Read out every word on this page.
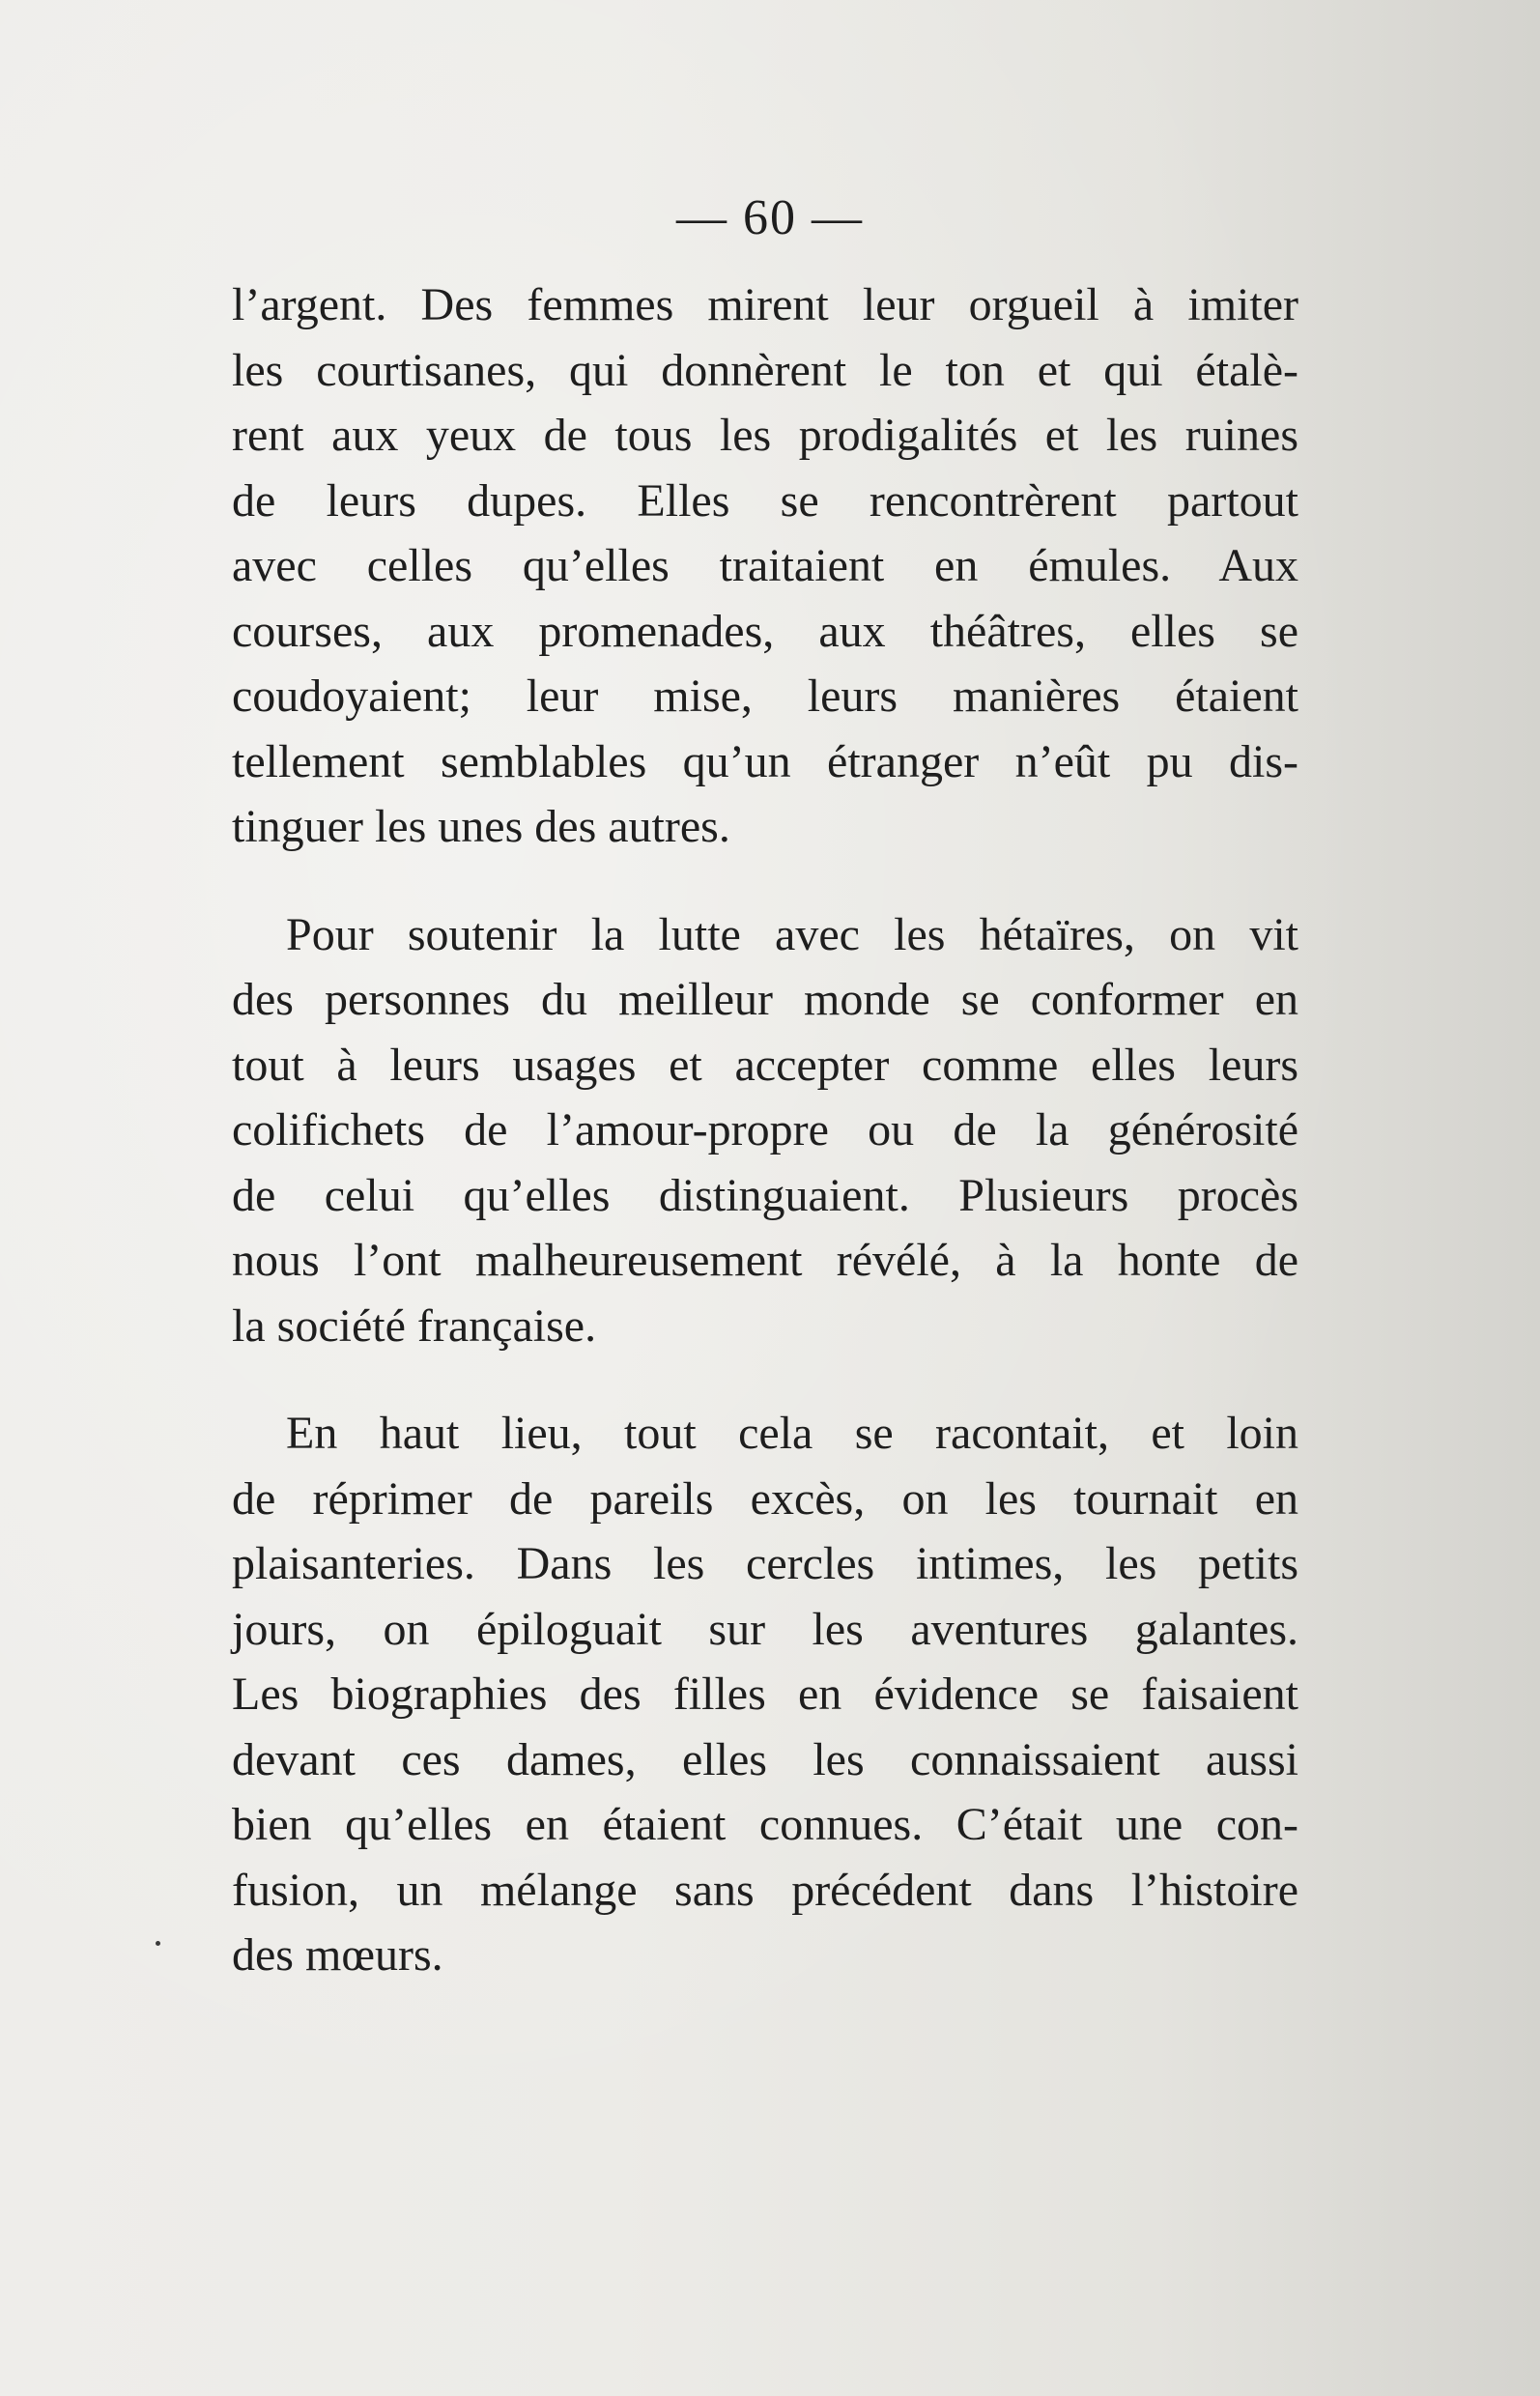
— 60 —

l’argent. Des femmes mirent leur orgueil à imiter
les courtisanes, qui donnèrent le ton et qui étalè-
rent aux yeux de tous les prodigalités et les ruines
de leurs dupes. Elles se rencontrèrent partout
avec celles qu’elles traitaient en émules. Aux
courses, aux promenades, aux théâtres, elles se
coudoyaient; leur mise, leurs manières étaient
tellement semblables qu’un étranger n’eût pu dis-
tinguer les unes des autres.

Pour soutenir la lutte avec les hétaïres, on vit
des personnes du meilleur monde se conformer en
tout à leurs usages et accepter comme elles leurs
colifichets de l’amour-propre ou de la générosité
de celui qu’elles distinguaient. Plusieurs procès
nous l’ont malheureusement révélé, à la honte de
la société française.

En haut lieu, tout cela se racontait, et loin
de réprimer de pareils excès, on les tournait en
plaisanteries. Dans les cercles intimes, les petits
jours, on épiloguait sur les aventures galantes.
Les biographies des filles en évidence se faisaient
devant ces dames, elles les connaissaient aussi
bien qu’elles en étaient connues. C’était une con-
fusion, un mélange sans précédent dans l’histoire
des mœurs.
